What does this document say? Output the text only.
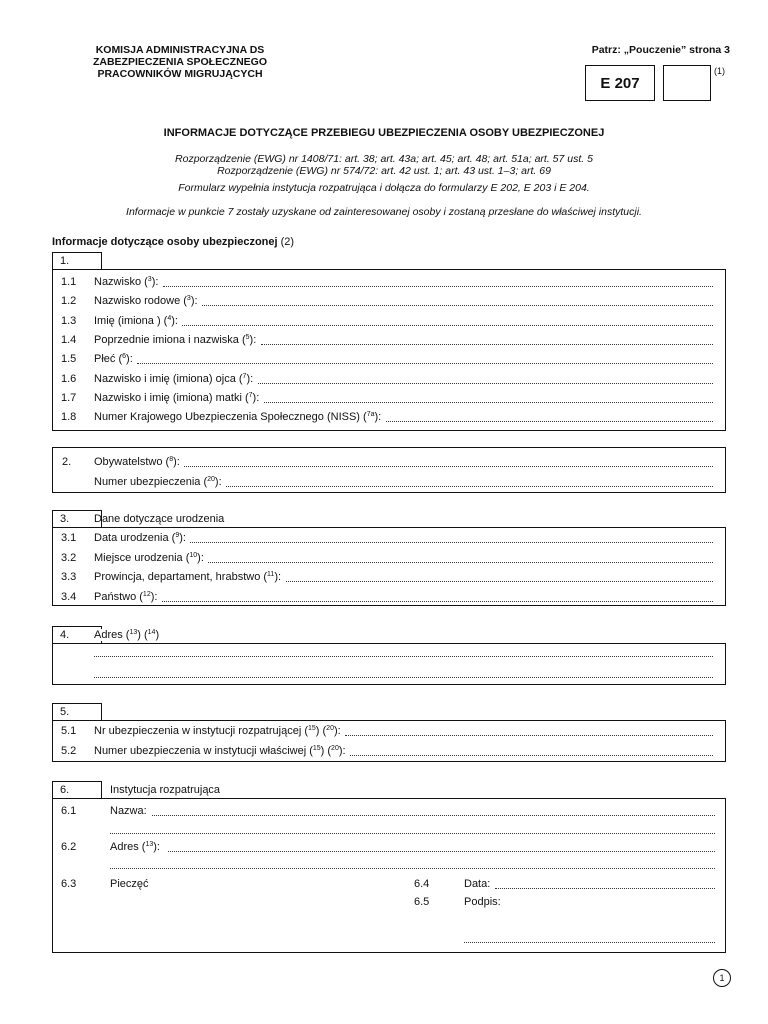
KOMISJA ADMINISTRACYJNA DS
ZABEZPIECZENIA SPOŁECZNEGO
PRACOWNIKÓW MIGRUJĄCYCH
Patrz: „Pouczenie” strona 3
E 207
(1)
INFORMACJE DOTYCZĄCE PRZEBIEGU UBEZPIECZENIA OSOBY UBEZPIECZONEJ
Rozporządzenie (EWG) nr 1408/71: art. 38; art. 43a; art. 45; art. 48; art. 51a; art. 57 ust. 5
Rozporządzenie (EWG) nr 574/72: art. 42 ust. 1; art. 43 ust. 1–3; art. 69
Formularz wypełnia instytucja rozpatrująca i dołącza do formularzy E 202, E 203 i E 204.
Informacje w punkcie 7 zostały uzyskane od zainteresowanej osoby i zostaną przesłane do właściwej instytucji.
Informacje dotyczące osoby ubezpieczonej (2)
1.
1.1 Nazwisko ($^3$):
1.2 Nazwisko rodowe ($^3$):
1.3 Imię (imiona ) ($^4$):
1.4 Poprzednie imiona i nazwiska ($^5$):
1.5 Płeć ($^6$):
1.6 Nazwisko i imię (imiona) ojca ($^7$):
1.7 Nazwisko i imię (imiona) matki ($^7$):
1.8 Numer Krajowego Ubezpieczenia Społecznego (NISS) ($^{7a}$):
2. Obywatelstwo ($^8$):
Numer ubezpieczenia ($^{20}$):
3.	Dane dotyczące urodzenia
3.1 Data urodzenia ($^9$):
3.2 Miejsce urodzenia ($^{10}$):
3.3 Prowincja, departament, hrabstwo ($^{11}$):
3.4 Państwo ($^{12}$):
4.	Adres ($^{13}$) ($^{14}$)
5.
5.1 Nr ubezpieczenia w instytucji rozpatrującej ($^{15}$) ($^{20}$):
5.2 Numer ubezpieczenia w instytucji właściwej ($^{15}$) ($^{20}$):
6.	Instytucja rozpatrująca
6.1	Nazwa:
6.2	Adres ($^{13}$):
6.3	Pieczęć	6.4	Data:
6.5	Podpis:
1
